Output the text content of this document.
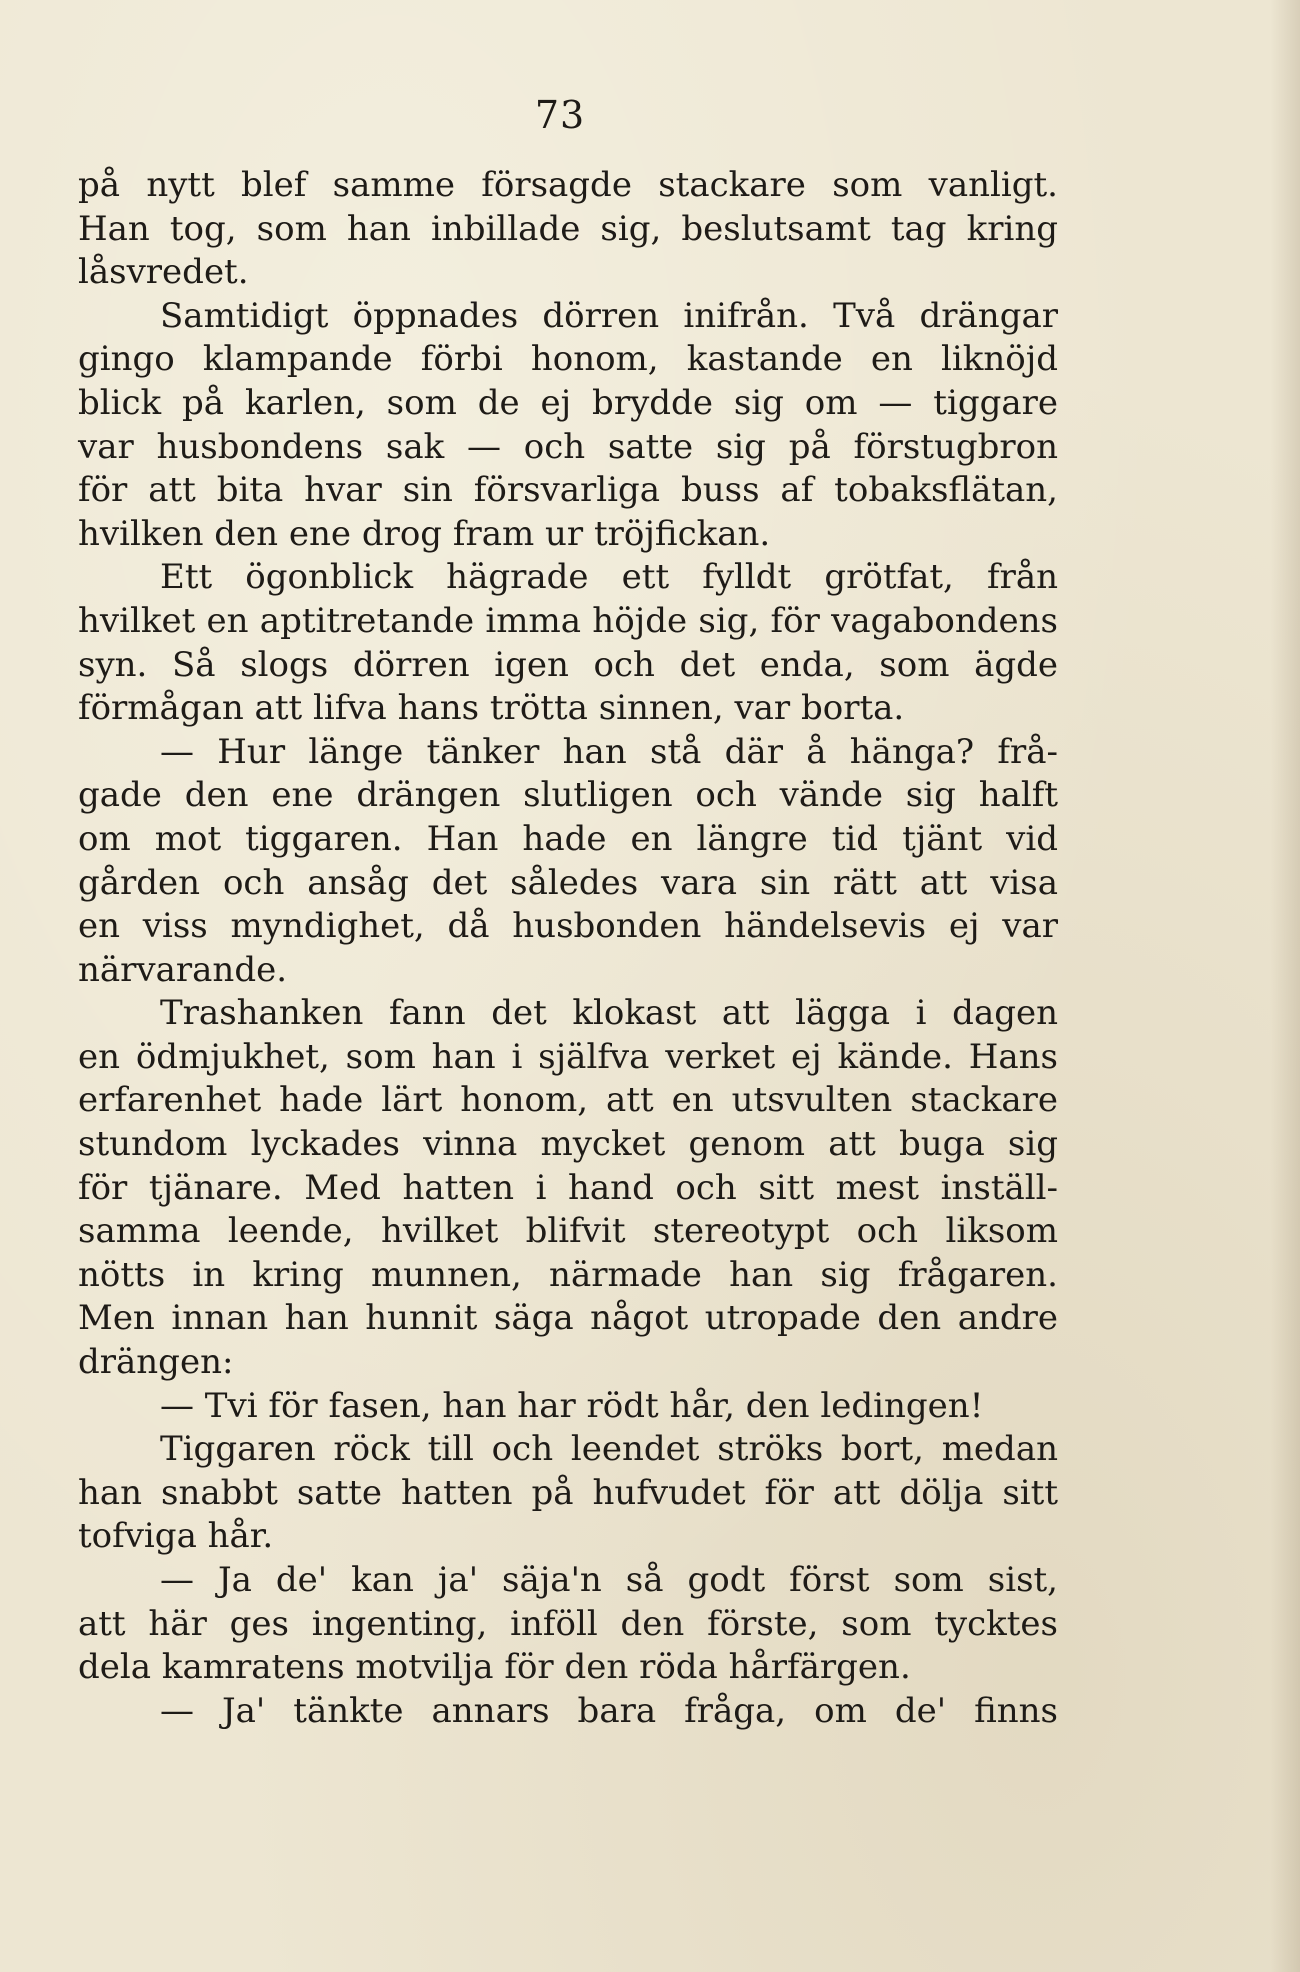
73
på nytt blef samme försagde stackare som vanligt.
Han tog, som han inbillade sig, beslutsamt tag kring
låsvredet.
Samtidigt öppnades dörren inifrån. Två drängar
gingo klampande förbi honom, kastande en liknöjd
blick på karlen, som de ej brydde sig om — tiggare
var husbondens sak — och satte sig på förstugbron
för att bita hvar sin försvarliga buss af tobaksflätan,
hvilken den ene drog fram ur tröjfickan.
Ett ögonblick hägrade ett fylldt grötfat, från
hvilket en aptitretande imma höjde sig, för vagabondens
syn. Så slogs dörren igen och det enda, som ägde
förmågan att lifva hans trötta sinnen, var borta.
— Hur länge tänker han stå där å hänga? frå-
gade den ene drängen slutligen och vände sig halft
om mot tiggaren. Han hade en längre tid tjänt vid
gården och ansåg det således vara sin rätt att visa
en viss myndighet, då husbonden händelsevis ej var
närvarande.
Trashanken fann det klokast att lägga i dagen
en ödmjukhet, som han i själfva verket ej kände. Hans
erfarenhet hade lärt honom, att en utsvulten stackare
stundom lyckades vinna mycket genom att buga sig
för tjänare. Med hatten i hand och sitt mest inställ-
samma leende, hvilket blifvit stereotypt och liksom
nötts in kring munnen, närmade han sig frågaren.
Men innan han hunnit säga något utropade den andre
drängen:
— Tvi för fasen, han har rödt hår, den ledingen!
Tiggaren röck till och leendet ströks bort, medan
han snabbt satte hatten på hufvudet för att dölja sitt
tofviga hår.
— Ja de' kan ja' säja'n så godt först som sist,
att här ges ingenting, inföll den förste, som tycktes
dela kamratens motvilja för den röda hårfärgen.
— Ja' tänkte annars bara fråga, om de' finns
